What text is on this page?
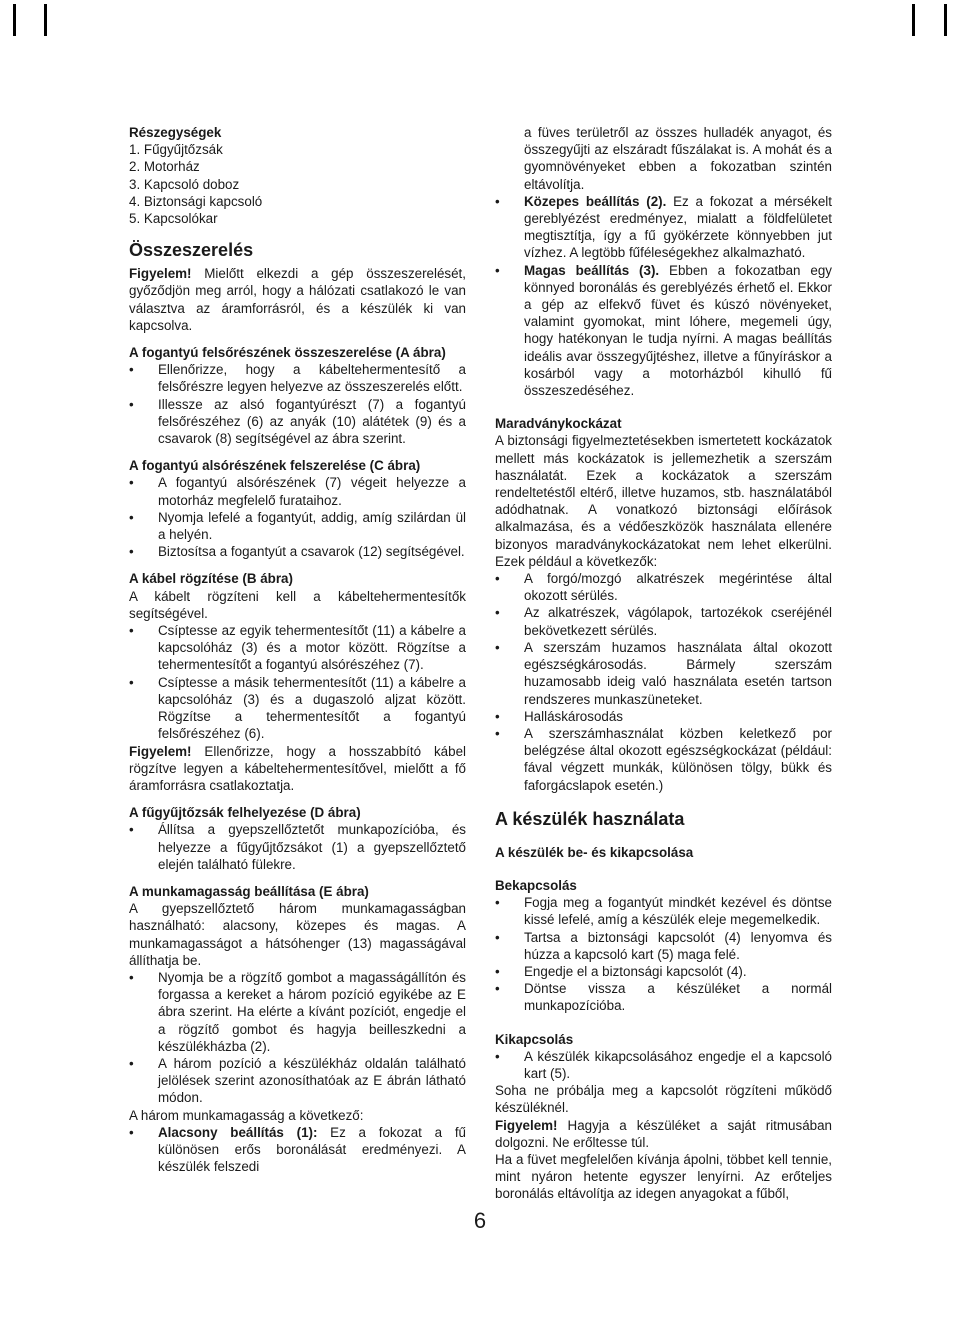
Részegységek
1. Fűgyűjtőzsák
2. Motorház
3. Kapcsoló doboz
4. Biztonsági kapcsoló
5. Kapcsolókar
Összeszerelés

Figyelem! Mielőtt elkezdi a gép összeszerelését, győződjön meg arról, hogy a hálózati csatlakozó le van választva az áramforrásról, és a készülék ki van kapcsolva.

A fogantyú felsőrészének összeszerelése (A ábra)
• Ellenőrizze, hogy a kábeltehermentesítő a felsőrészre legyen helyezve az összeszerelés előtt.
• Illessze az alsó fogantyúrészt (7) a fogantyú felsőrészéhez (6) az anyák (10) alátétek (9) és a csavarok (8) segítségével az ábra szerint.
A fogantyú alsórészének felszerelése (C ábra)
• A fogantyú alsórészének (7) végeit helyezze a motorház megfelelő furataihoz.
• Nyomja lefelé a fogantyút, addig, amíg szilárdan ül a helyén.
• Biztosítsa a fogantyút a csavarok (12) segítségével.
A kábel rögzítése (B ábra)

A kábelt rögzíteni kell a kábeltehermentesítők segítségével.

• Csíptesse az egyik tehermentesítőt (11) a kábelre a kapcsolóház (3) és a motor között. Rögzítse a tehermentesítőt a fogantyú alsórészéhez (7).
• Csíptesse a másik tehermentesítőt (11) a kábelre a kapcsolóház (3) és a dugaszoló aljzat között. Rögzítse a tehermentesítőt a fogantyú felsőrészéhez (6).

Figyelem! Ellenőrizze, hogy a hosszabbító kábel rögzítve legyen a kábeltehermentesítővel, mielőtt a fő áramforrásra csatlakoztatja.

A fűgyűjtőzsák felhelyezése (D ábra)
• Állítsa a gyepszellőztetőt munkapozícióba, és helyezze a fűgyűjtőzsákot (1) a gyepszellőztető elején található fülekre.
A munkamagasság beállítása (E ábra)

A gyepszellőztető három munkamagasságban használható: alacsony, közepes és magas. A munkamagasságot a hátsóhenger (13) magasságával állíthatja be.

• Nyomja be a rögzítő gombot a magasságállítón és forgassa a kereket a három pozíció egyikébe az E ábra szerint. Ha elérte a kívánt pozíciót, engedje el a rögzítő gombot és hagyja beilleszkedni a készülékházba (2).
• A három pozíció a készülékház oldalán található jelölések szerint azonosíthatóak az E ábrán látható módon.

A három munkamagasság a következő:

• Alacsony beállítás (1): Ez a fokozat a fű különösen erős boronálását eredményezi. A készülék felszedi
a füves területről az összes hulladék anyagot, és összegyűjti az elszáradt fűszálakat is. A mohát és a gyomnövényeket ebben a fokozatban szintén eltávolítja.
• Közepes beállítás (2). Ez a fokozat a mérsékelt gereblyézést eredményez, mialatt a földfelületet megtisztítja, így a fű gyökérzete könnyebben jut vízhez. A legtöbb fűféleségekhez alkalmazható.
• Magas beállítás (3). Ebben a fokozatban egy könnyed boronálás és gereblyézés érhető el. Ekkor a gép az elfekvő füvet és kúszó növényeket, valamint gyomokat, mint lóhere, megemeli úgy, hogy hatékonyan le tudja nyírni. A magas beállítás ideális avar összegyűjtéshez, illetve a fűnyíráskor a kosárból vagy a motorházból kihulló fű összeszedéséhez.
Maradványkockázat

A biztonsági figyelmeztetésekben ismertetett kockázatok mellett más kockázatok is jellemezhetik a szerszám használatát. Ezek a kockázatok a szerszám rendeltetéstől eltérő, illetve huzamos, stb. használatából adódhatnak. A vonatkozó biztonsági előírások alkalmazása, és a védőeszközök használata ellenére bizonyos maradványkockázatokat nem lehet elkerülni. Ezek például a következők:

• A forgó/mozgó alkatrészek megérintése által okozott sérülés.
• Az alkatrészek, vágólapok, tartozékok cseréjénél bekövetkezett sérülés.
• A szerszám huzamos használata által okozott egészségkárosodás. Bármely szerszám huzamosabb ideig való használata esetén tartson rendszeres munkaszüneteket.
• Halláskárosodás
• A szerszámhasználat közben keletkező por belégzése által okozott egészségkockázat (például: fával végzett munkák, különösen tölgy, bükk és faforgácslapok esetén.)
A készülék használata
A készülék be- és kikapcsolása
Bekapcsolás
• Fogja meg a fogantyút mindkét kezével és döntse kissé lefelé, amíg a készülék eleje megemelkedik.
• Tartsa a biztonsági kapcsolót (4) lenyomva és húzza a kapcsoló kart (5) maga felé.
• Engedje el a biztonsági kapcsolót (4).
• Döntse vissza a készüléket a normál munkapozícióba.
Kikapcsolás
• A készülék kikapcsolásához engedje el a kapcsoló kart (5).

Soha ne próbálja meg a kapcsolót rögzíteni működő készüléknél.

Figyelem! Hagyja a készüléket a saját ritmusában dolgozni. Ne erőltesse túl.

Ha a füvet megfelelően kívánja ápolni, többet kell tennie, mint nyáron hetente egyszer lenyírni. Az erőteljes boronálás eltávolítja az idegen anyagokat a fűből,

6
